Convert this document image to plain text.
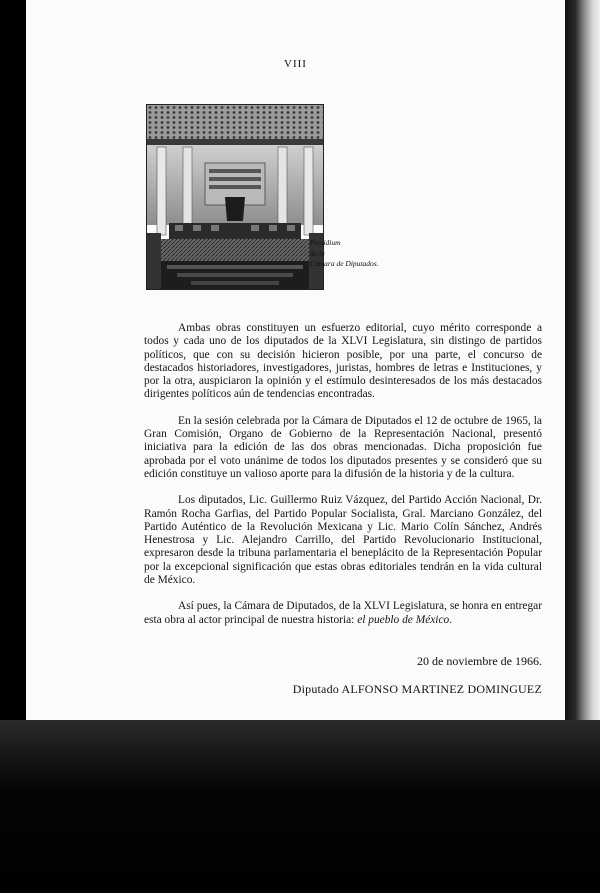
VIII
Presidium
de la
Cámara de Diputados.

Ambas obras constituyen un esfuerzo editorial, cuyo mérito corresponde a todos y cada uno de los diputados de la XLVI Legislatura, sin distingo de partidos políticos, que con su decisión hicieron posible, por una parte, el concurso de destacados historiadores, investigadores, juristas, hombres de letras e Instituciones, y por la otra, auspiciaron la opinión y el estímulo desinteresados de los más destacados dirigentes políticos aún de tendencias encontradas.

En la sesión celebrada por la Cámara de Diputados el 12 de octubre de 1965, la Gran Comisión, Organo de Gobierno de la Representación Nacional, presentó iniciativa para la edición de las dos obras mencionadas. Dicha proposición fue aprobada por el voto unánime de todos los diputados presentes y se consideró que su edición constituye un valioso aporte para la difusión de la historia y de la cultura.

Los diputados, Lic. Guillermo Ruiz Vázquez, del Partido Acción Nacional, Dr. Ramón Rocha Garfias, del Partido Popular Socialista, Gral. Marciano González, del Partido Auténtico de la Revolución Mexicana y Lic. Mario Colín Sánchez, Andrés Henestrosa y Lic. Alejandro Carrillo, del Partido Revolucionario Institucional, expresaron desde la tribuna parlamentaria el beneplácito de la Representación Popular por la excepcional significación que estas obras editoriales tendrán en la vida cultural de México.

Así pues, la Cámara de Diputados, de la XLVI Legislatura, se honra en entregar esta obra al actor principal de nuestra historia: el pueblo de México.

20 de noviembre de 1966.
Diputado ALFONSO MARTINEZ DOMINGUEZ
